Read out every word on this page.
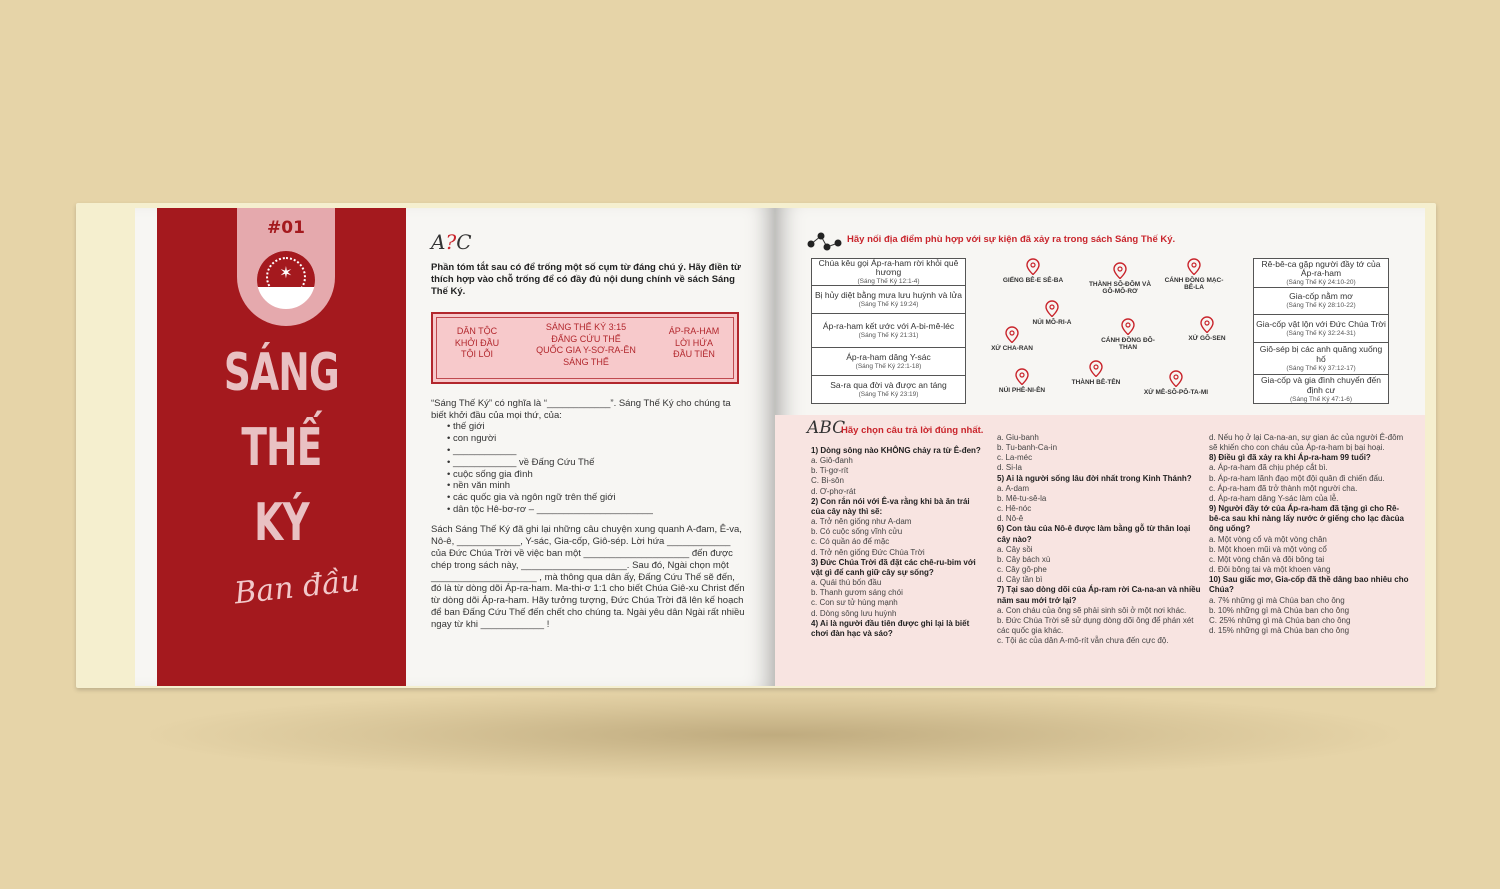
#01
✶
SÁNG
THẾ
KÝ
Ban đầu
A?C
Phần tóm tắt sau có để trống một số cụm từ đáng chú ý. Hãy điền từ thích hợp vào chỗ trống để có đầy đủ nội dung chính về sách Sáng Thế Ký.
DÂN TỘC
KHỞI ĐẦU
TỘI LỖI
SÁNG THẾ KÝ 3:15
ĐẤNG CỨU THẾ
QUỐC GIA Y-SƠ-RA-ÊN
SÁNG THẾ
ÁP-RA-HAM
LỜI HỨA
ĐẦU TIÊN
“Sáng Thế Ký” có nghĩa là “____________”. Sáng Thế Ký cho chúng ta biết khởi đầu của mọi thứ, của:
• thế giới
• con người
• ____________
• ____________ về Đấng Cứu Thế
• cuộc sống gia đình
• nền văn minh
• các quốc gia và ngôn ngữ trên thế giới
• dân tộc Hê-bơ-rơ – ______________________
Sách Sáng Thế Ký đã ghi lại những câu chuyện xung quanh A-đam, Ê-va, Nô-ê, ____________, Y-sác, Gia-cốp, Giô-sép. Lời hứa ____________ của Đức Chúa Trời về việc ban một ____________________ đến được chép trong sách này, ____________________. Sau đó, Ngài chọn một ____________________ , mà thông qua dân ấy, Đấng Cứu Thế sẽ đến, đó là từ dòng dõi Áp-ra-ham. Ma-thi-ơ 1:1 cho biết Chúa Giê-xu Christ đến từ dòng dõi Áp-ra-ham. Hãy tưởng tượng, Đức Chúa Trời đã lên kế hoạch để ban Đấng Cứu Thế đến chết cho chúng ta. Ngài yêu dân Ngài rất nhiều ngay từ khi ____________ !
Hãy nối địa điểm phù hợp với sự kiện đã xảy ra trong sách Sáng Thế Ký.
Chúa kêu gọi Áp-ra-ham rời khỏi quê hương
(Sáng Thế Ký 12:1-4)
Bị hủy diệt bằng mưa lưu huỳnh và lửa
(Sáng Thế Ký 19:24)
Áp-ra-ham kết ước với A-bi-mê-léc
(Sáng Thế Ký 21:31)
Áp-ra-ham dâng Y-sác
(Sáng Thế Ký 22:1-18)
Sa-ra qua đời và được an táng
(Sáng Thế Ký 23:19)
Rê-bê-ca gặp người đầy tớ của Áp-ra-ham
(Sáng Thế Ký 24:10-20)
Gia-cốp nằm mơ
(Sáng Thế Ký 28:10-22)
Gia-cốp vật lộn với Đức Chúa Trời
(Sáng Thế Ký 32:24-31)
Giô-sép bị các anh quăng xuống hố
(Sáng Thế Ký 37:12-17)
Gia-cốp và gia đình chuyển đến định cư
(Sáng Thế Ký 47:1-6)
GIẾNG BÊ-E SÊ-BA
THÀNH SÔ-ĐÔM VÀ GÔ-MÔ-RƠ
CÁNH ĐỒNG MẠC-BÊ-LA
NÚI MÔ-RI-A
CÁNH ĐỒNG ĐÔ-THAN
XỨ CHA-RAN
XỨ GÔ-SEN
NÚI PHÊ-NI-ÊN
THÀNH BÊ-TÊN
XỨ MÊ-SÔ-PÔ-TA-MI
ABC
Hãy chọn câu trả lời đúng nhất.
1) Dòng sông nào KHÔNG chảy ra từ Ê-đen?
a. Giô-đanh
b. Ti-gơ-rít
C. Bi-sôn
d. Ơ-phơ-rát
2) Con rắn nói với Ê-va rằng khi bà ăn trái của cây này thì sẽ:
a. Trở nên giống như A-dam
b. Có cuộc sống vĩnh cửu
c. Có quần áo để mặc
d. Trở nên giống Đức Chúa Trời
3) Đức Chúa Trời đã đặt các chê-ru-bim với vật gì để canh giữ cây sự sống?
a. Quái thú bốn đầu
b. Thanh gươm sáng chói
c. Con sư tử hùng mạnh
d. Dòng sông lưu huỳnh
4) Ai là người đầu tiên được ghi lại là biết chơi đàn hạc và sáo?
a. Giu-banh
b. Tu-banh-Ca-in
c. La-méc
d. Si-la
5) Ai là người sống lâu đời nhất trong Kinh Thánh?
a. A-dam
b. Mê-tu-sê-la
c. Hê-nóc
d. Nô-ê
6) Con tàu của Nô-ê được làm bằng gỗ từ thân loại cây nào?
a. Cây sồi
b. Cây bách xù
c. Cây gô-phe
d. Cây tần bì
7) Tại sao dòng dõi của Áp-ram rời Ca-na-an và nhiều năm sau mới trở lại?
a. Con cháu của ông sẽ phải sinh sôi ở một nơi khác.
b. Đức Chúa Trời sẽ sử dụng dòng dõi ông để phán xét các quốc gia khác.
c. Tội ác của dân A-mô-rít vẫn chưa đến cực độ.
d. Nếu họ ở lại Ca-na-an, sự gian ác của người Ê-đôm sẽ khiến cho con cháu của Áp-ra-ham bị bại hoại.
8) Điều gì đã xảy ra khi Áp-ra-ham 99 tuổi?
a. Áp-ra-ham đã chịu phép cắt bì.
b. Áp-ra-ham lãnh đạo một đội quân đi chiến đấu.
c. Áp-ra-ham đã trở thành một người cha.
d. Áp-ra-ham dâng Y-sác làm của lễ.
9) Người đầy tớ của Áp-ra-ham đã tặng gì cho Rê-bê-ca sau khi nàng lấy nước ở giếng cho lạc đàcủa ông uống?
a. Một vòng cổ và một vòng chân
b. Một khoen mũi và một vòng cổ
c. Một vòng chân và đôi bông tai
d. Đôi bông tai và một khoen vàng
10) Sau giấc mơ, Gia-cốp đã thề dâng bao nhiêu cho Chúa?
a. 7% những gì mà Chúa ban cho ông
b. 10% những gì mà Chúa ban cho ông
C. 25% những gì mà Chúa ban cho ông
d. 15% những gì mà Chúa ban cho ông
